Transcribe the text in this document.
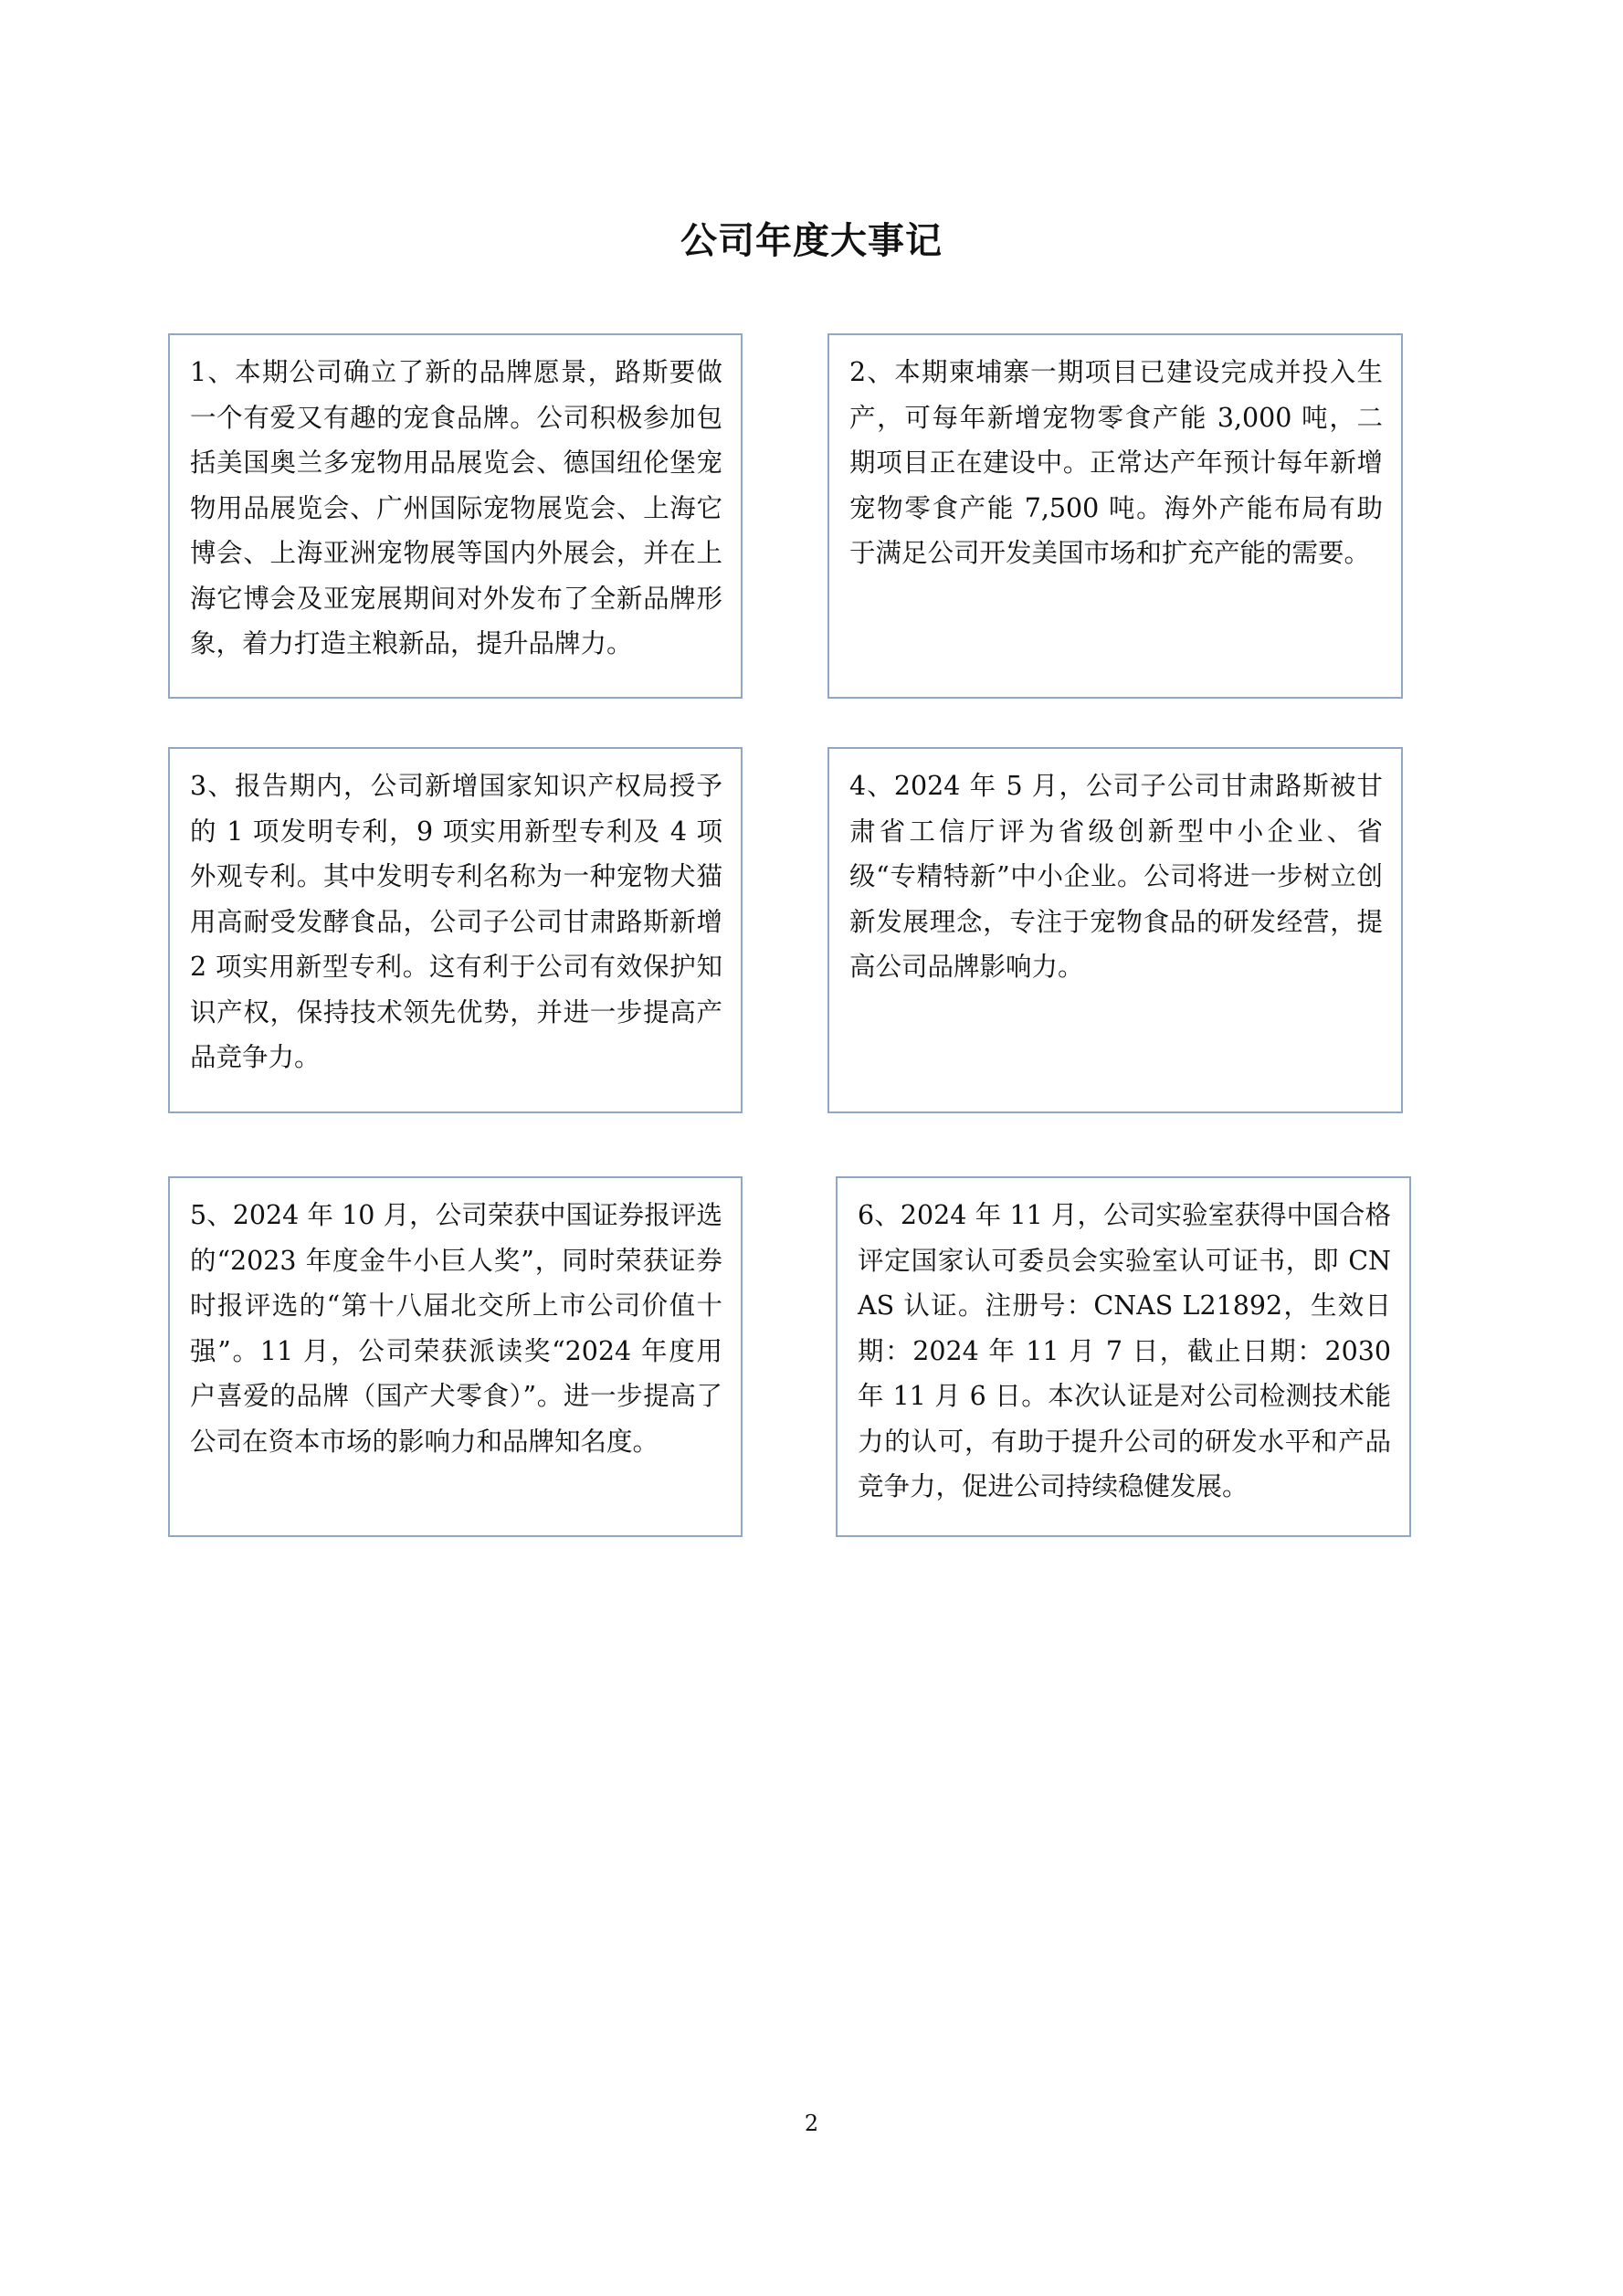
公司年度大事记

1、本期公司确立了新的品牌愿景，路斯要做一个有爱又有趣的宠食品牌。公司积极参加包括美国奥兰多宠物用品展览会、德国纽伦堡宠物用品展览会、广州国际宠物展览会、上海它博会、上海亚洲宠物展等国内外展会，并在上海它博会及亚宠展期间对外发布了全新品牌形象，着力打造主粮新品，提升品牌力。

2、本期柬埔寨一期项目已建设完成并投入生产，可每年新增宠物零食产能 3,000 吨，二期项目正在建设中。正常达产年预计每年新增宠物零食产能 7,500 吨。海外产能布局有助于满足公司开发美国市场和扩充产能的需要。

3、报告期内，公司新增国家知识产权局授予的 1 项发明专利，9 项实用新型专利及 4 项外观专利。其中发明专利名称为一种宠物犬猫用高耐受发酵食品，公司子公司甘肃路斯新增 2 项实用新型专利。这有利于公司有效保护知识产权，保持技术领先优势，并进一步提高产品竞争力。

4、2024 年 5 月，公司子公司甘肃路斯被甘肃省工信厅评为省级创新型中小企业、省级“专精特新”中小企业。公司将进一步树立创新发展理念，专注于宠物食品的研发经营，提高公司品牌影响力。

5、2024 年 10 月，公司荣获中国证券报评选的“2023 年度金牛小巨人奖”，同时荣获证券时报评选的“第十八届北交所上市公司价值十强”。11 月，公司荣获派读奖“2024 年度用户喜爱的品牌（国产犬零食）”。进一步提高了公司在资本市场的影响力和品牌知名度。

6、2024 年 11 月，公司实验室获得中国合格评定国家认可委员会实验室认可证书，即 CNAS 认证。注册号：CNAS L21892，生效日期：2024 年 11 月 7 日，截止日期：2030 年 11 月 6 日。本次认证是对公司检测技术能力的认可，有助于提升公司的研发水平和产品竞争力，促进公司持续稳健发展。

2
